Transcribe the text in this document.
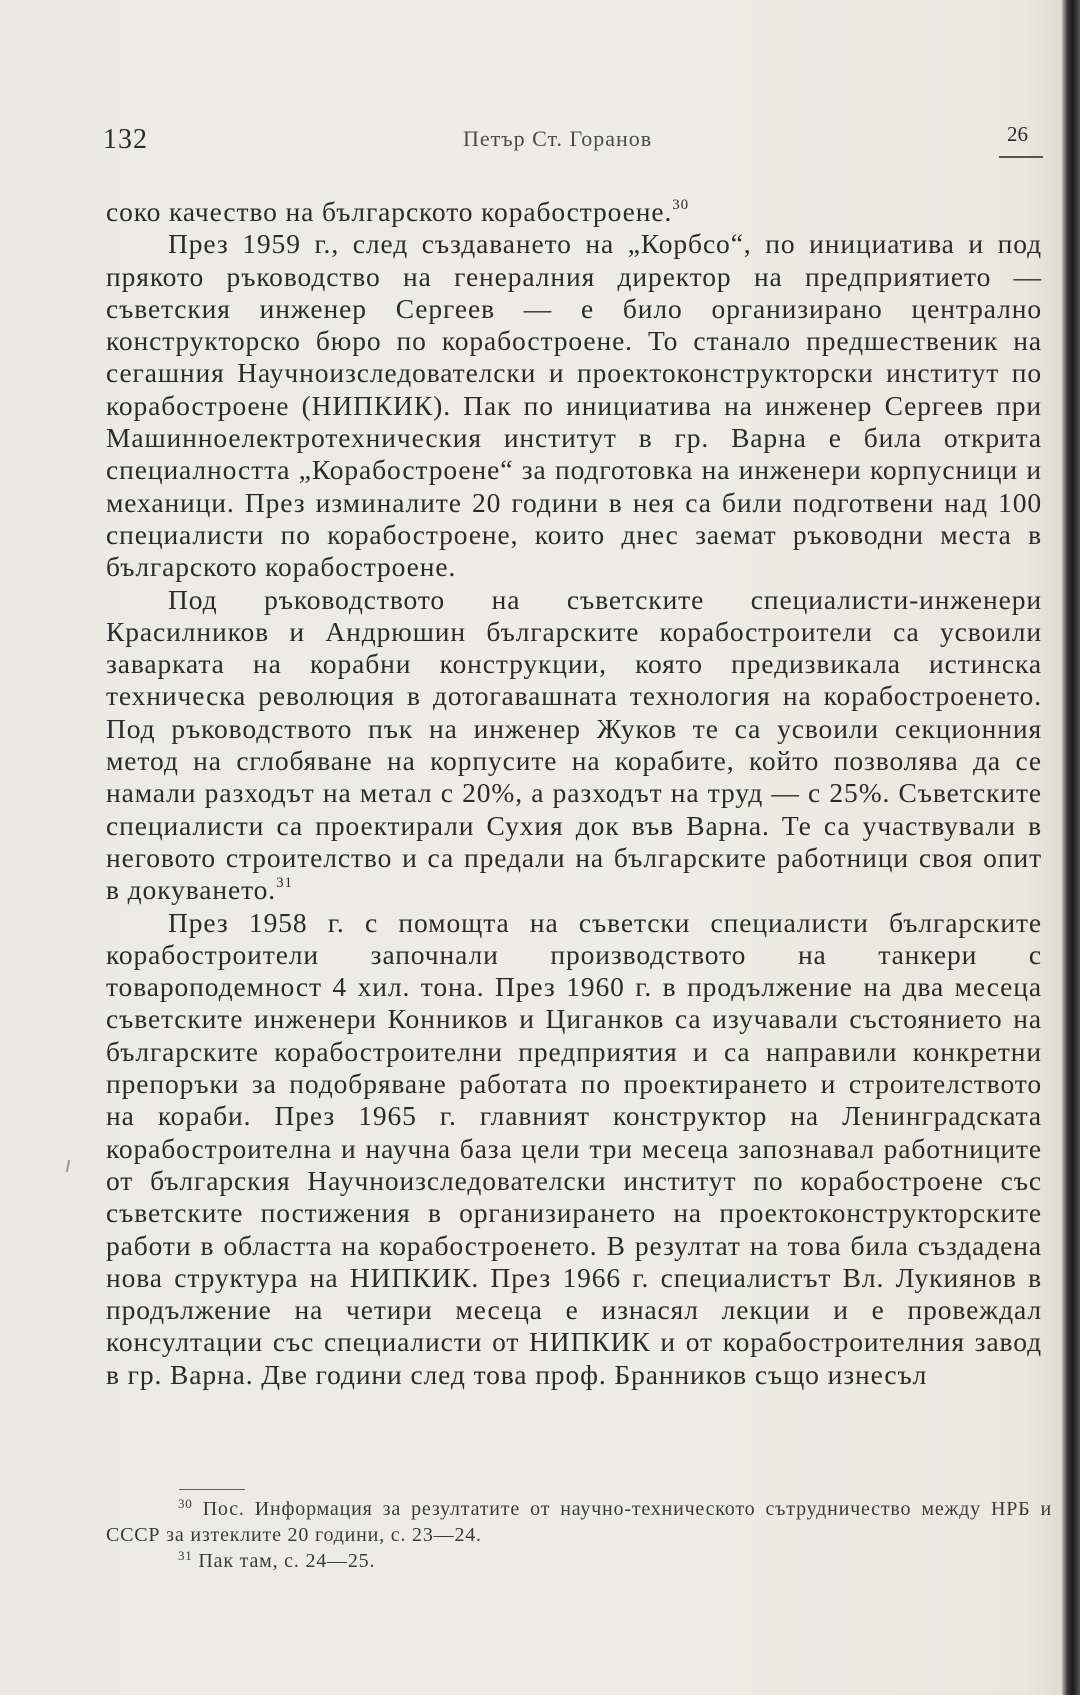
132	Петър Ст. Горанов	26

соко качество на българското корабостроене.$^{30}$

През 1959 г., след създаването на „Корбсо“, по инициатива и под прякото ръководство на генералния директор на предприятието — съветския инженер Сергеев — е било организирано централно конструкторско бюро по корабостроене. То станало предшественик на сегашния Научноизследователски и проектоконструкторски институт по корабостроене (НИПКИК). Пак по инициатива на инженер Сергеев при Машинноелектротехническия институт в гр. Варна е била открита специалността „Корабостроене“ за подготовка на инженери корпусници и механици. През изминалите 20 години в нея са били подготвени над 100 специалисти по корабостроене, които днес заемат ръководни места в българското корабостроене.

Под ръководството на съветските специалисти-инженери Красилников и Андрюшин българските корабостроители са усвоили заварката на корабни конструкции, която предизвикала истинска техническа революция в дотогавашната технология на корабостроенето. Под ръководството пък на инженер Жуков те са усвоили секционния метод на сглобяване на корпусите на корабите, който позволява да се намали разходът на метал с 20%, а разходът на труд — с 25%. Съветските специалисти са проектирали Сухия док във Варна. Те са участвували в неговото строителство и са предали на българските работници своя опит в докуването.$^{31}$

През 1958 г. с помощта на съветски специалисти българските корабостроители започнали производството на танкери с товароподемност 4 хил. тона. През 1960 г. в продължение на два месеца съветските инженери Конников и Циганков са изучавали състоянието на българските корабостроителни предприятия и са направили конкретни препоръки за подобряване работата по проектирането и строителството на кораби. През 1965 г. главният конструктор на Ленинградската корабостроителна и научна база цели три месеца запознавал работниците от българския Научноизследователски институт по корабостроене със съветските постижения в организирането на проектоконструкторските работи в областта на корабостроенето. В резултат на това била създадена нова структура на НИПКИК. През 1966 г. специалистът Вл. Лукиянов в продължение на четири месеца е изнасял лекции и е провеждал консултации със специалисти от НИПКИК и от корабостроителния завод в гр. Варна. Две години след това проф. Бранников също изнесъл

$^{30}$ Пос. Информация за резултатите от научно-техническото сътрудничество между НРБ и СССР за изтеклите 20 години, с. 23—24.

$^{31}$ Пак там, с. 24—25.
